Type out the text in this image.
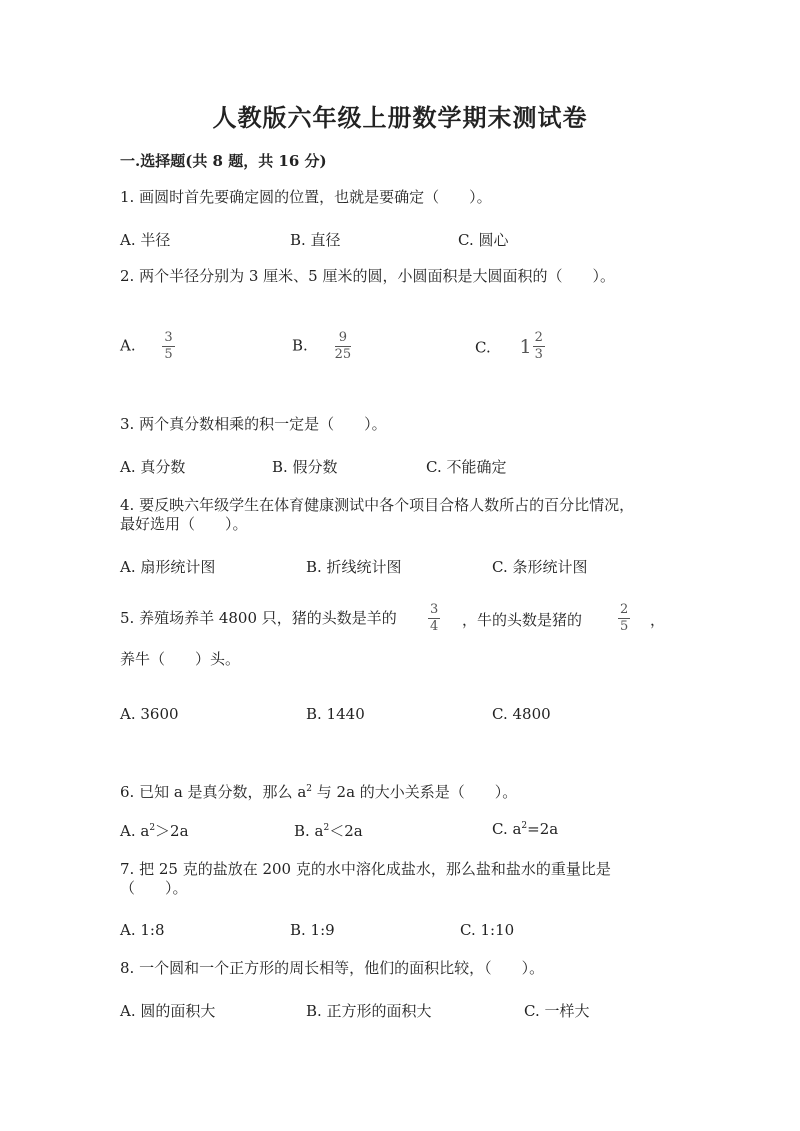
人教版六年级上册数学期末测试卷
一.选择题(共 8 题，共 16 分)
1. 画圆时首先要确定圆的位置，也就是要确定（　　）。
A. 半径	B. 直径	C. 圆心
2. 两个半径分别为 3 厘米、5 厘米的圆，小圆面积是大圆面积的（　　）。
A. $\frac{3}{5}$	B. $\frac{9}{25}$	C. $1 \frac{2}{3}$
3. 两个真分数相乘的积一定是（　　）。
A. 真分数	B. 假分数	C. 不能确定
4. 要反映六年级学生在体育健康测试中各个项目合格人数所占的百分比情况，
最好选用（　　）。
A. 扇形统计图	B. 折线统计图	C. 条形统计图
5. 养殖场养羊 4800 只，猪的头数是羊的	3
4 ，牛的头数是猪的
2
5 ，
养牛（　　）头。
A. 3600	B. 1440	C. 4800
6. 已知 a 是真分数，那么 $a^2$ 与 2a 的大小关系是（　　）。
A. $a^2>2a$	B. $a^2<2a$	C. $a^2=2a$
7. 把 25 克的盐放在 200 克的水中溶化成盐水，那么盐和盐水的重量比是
（　　）。
A. 1:8	B. 1:9	C. 1:10
8. 一个圆和一个正方形的周长相等，他们的面积比较，（　　）。
A. 圆的面积大	B. 正方形的面积大	C. 一样大
